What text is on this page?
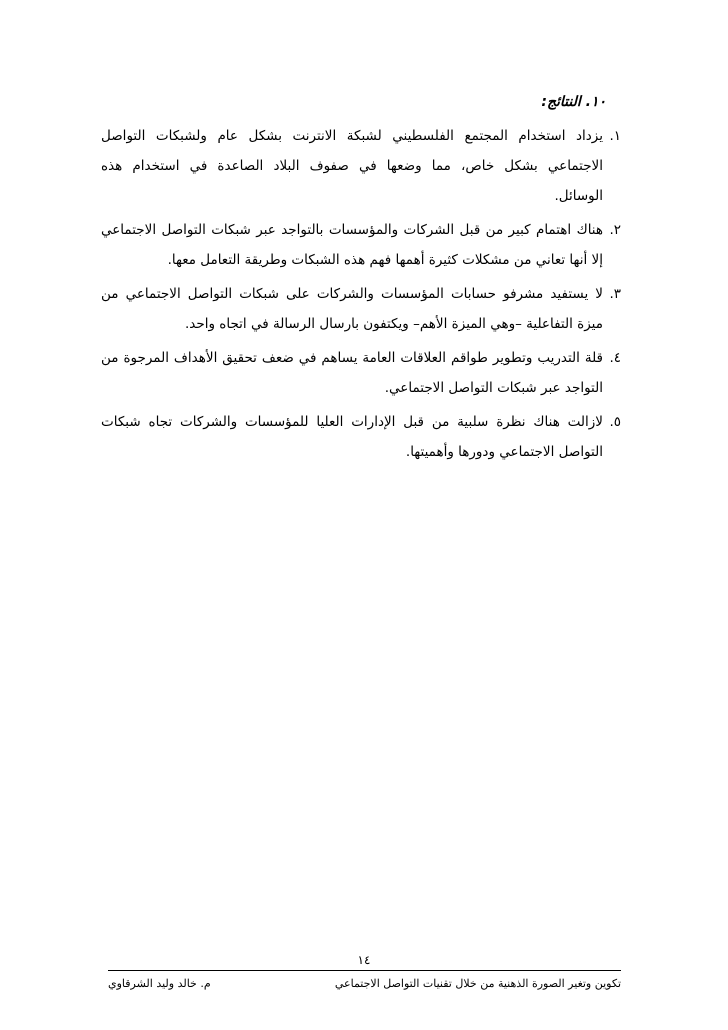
١٠. النتائج:
١.
يزداد استخدام المجتمع الفلسطيني لشبكة الانترنت بشكل عام ولشبكات التواصل
الاجتماعي بشكل خاص، مما وضعها في صفوف البلاد الصاعدة في استخدام هذه
الوسائل.
٢.
هناك اهتمام كبير من قبل الشركات والمؤسسات بالتواجد عبر شبكات التواصل الاجتماعي
إلا أنها تعاني من مشكلات كثيرة أهمها فهم هذه الشبكات وطريقة التعامل معها.
٣.
لا يستفيد مشرفو حسابات المؤسسات والشركات على شبكات التواصل الاجتماعي من
ميزة التفاعلية –وهي الميزة الأهم– ويكتفون بارسال الرسالة في اتجاه واحد.
٤.
قلة التدريب وتطوير طواقم العلاقات العامة يساهم في ضعف تحقيق الأهداف المرجوة من
التواجد عبر شبكات التواصل الاجتماعي.
٥.
لازالت هناك نظرة سلبية من قبل الإدارات العليا للمؤسسات والشركات تجاه شبكات
التواصل الاجتماعي ودورها وأهميتها.
١٤
تكوين وتغير الصورة الذهنية من خلال تقنيات التواصل الاجتماعي
م. خالد وليد الشرقاوي
